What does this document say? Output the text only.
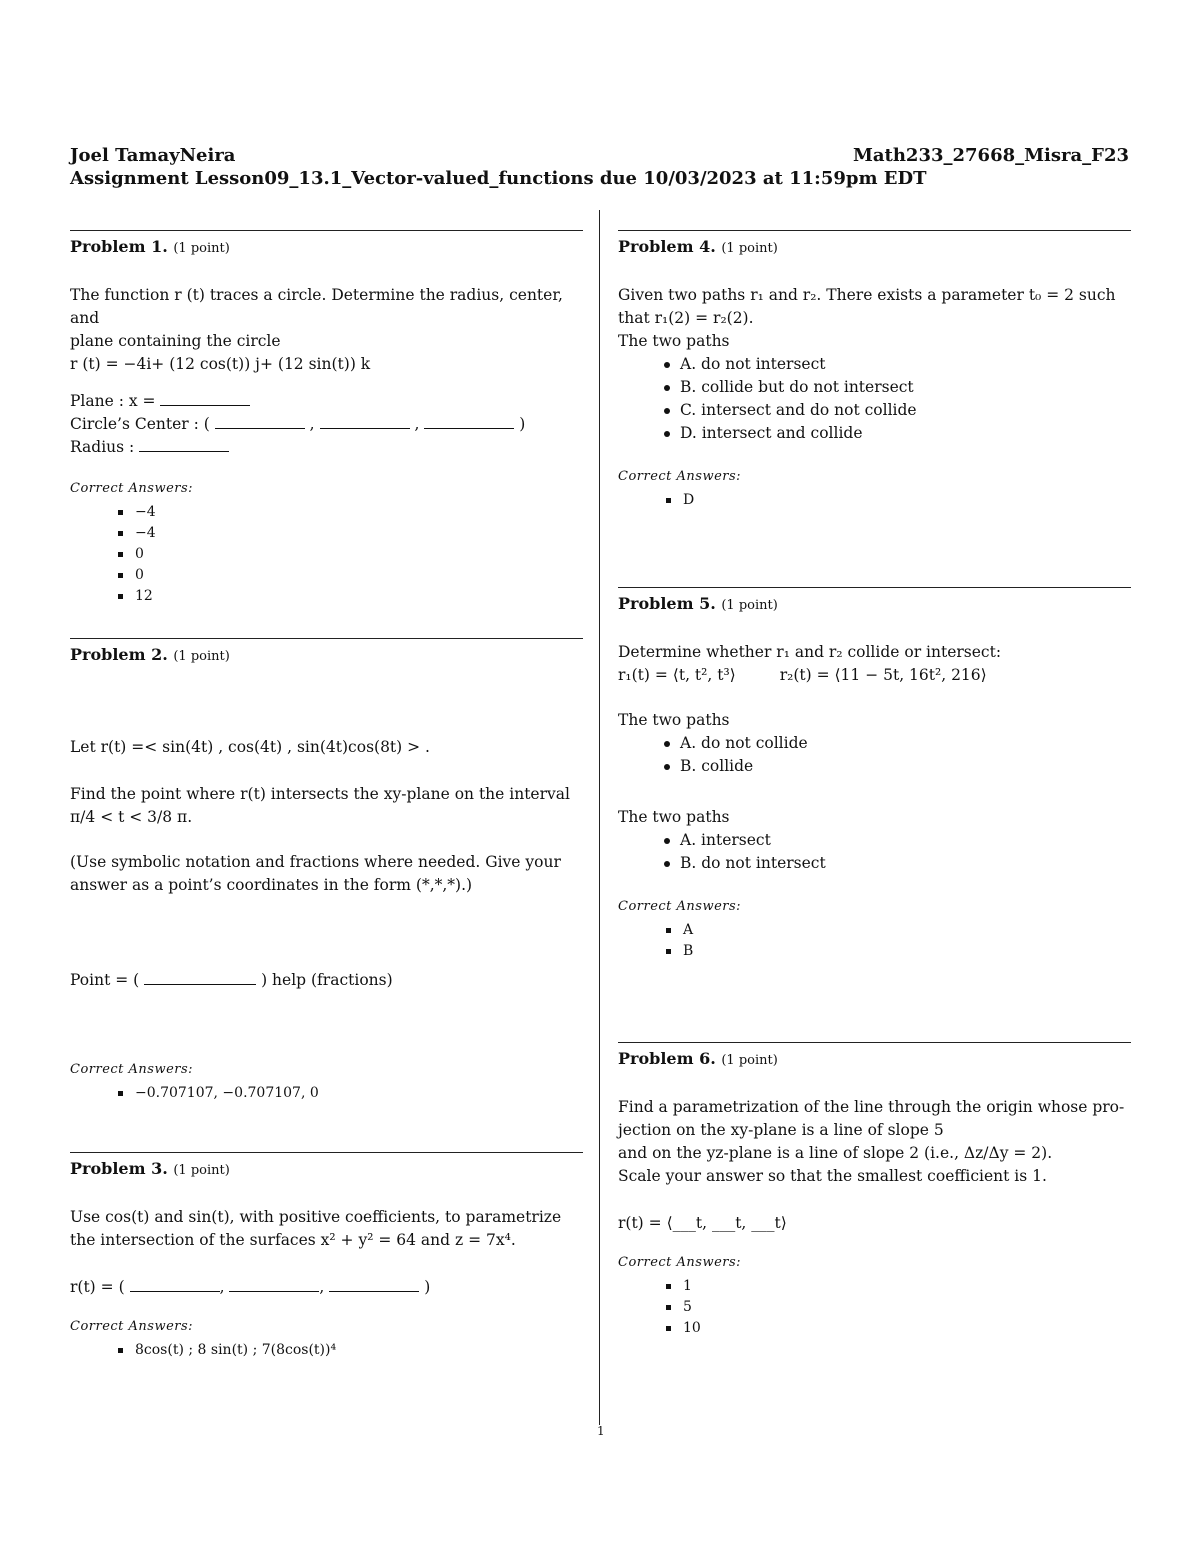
Joel TamayNeira	Math233_27668_Misra_F23
Assignment Lesson09_13.1_Vector-valued_functions due 10/03/2023 at 11:59pm EDT
Problem 1. (1 point)
The function r (t) traces a circle. Determine the radius, center, and
plane containing the circle
r (t) = −4i+ (12 cos(t)) j+ (12 sin(t)) k
Plane : x =
Circle’s Center : (	,	,	)
Radius :
Correct Answers:
−4
−4
0
0
12
Problem 2. (1 point)
Let r(t) =< sin(4t) , cos(4t) , sin(4t)cos(8t) > .
Find the point where r(t) intersects the xy-plane on the interval
π/4 < t < 3/8 π.
(Use symbolic notation and fractions where needed. Give your
answer as a point’s coordinates in the form (*,*,*).)
Point = (	) help (fractions)
Correct Answers:
−0.707107, −0.707107, 0
Problem 3. (1 point)
Use cos(t) and sin(t), with positive coefficients, to parametrize
the intersection of the surfaces x² + y² = 64 and z = 7x⁴.
r(t) = (	,	,	)
Correct Answers:
8cos(t) ; 8 sin(t) ; 7(8cos(t))⁴
Problem 4. (1 point)
Given two paths r₁ and r₂. There exists a parameter t₀ = 2 such
that r₁(2) = r₂(2).
The two paths
A. do not intersect
B. collide but do not intersect
C. intersect and do not collide
D. intersect and collide
Correct Answers:
D
Problem 5. (1 point)
Determine whether r₁ and r₂ collide or intersect:
r₁(t) = ⟨t, t², t³⟩	r₂(t) = ⟨11 − 5t, 16t², 216⟩
The two paths
A. do not collide
B. collide
The two paths
A. intersect
B. do not intersect
Correct Answers:
A
B
Problem 6. (1 point)
Find a parametrization of the line through the origin whose pro-
jection on the xy-plane is a line of slope 5
and on the yz-plane is a line of slope 2 (i.e., Δz/Δy = 2).
Scale your answer so that the smallest coefficient is 1.
r(t) = ⟨___t, ___t, ___t⟩
Correct Answers:
1
5
10
1
